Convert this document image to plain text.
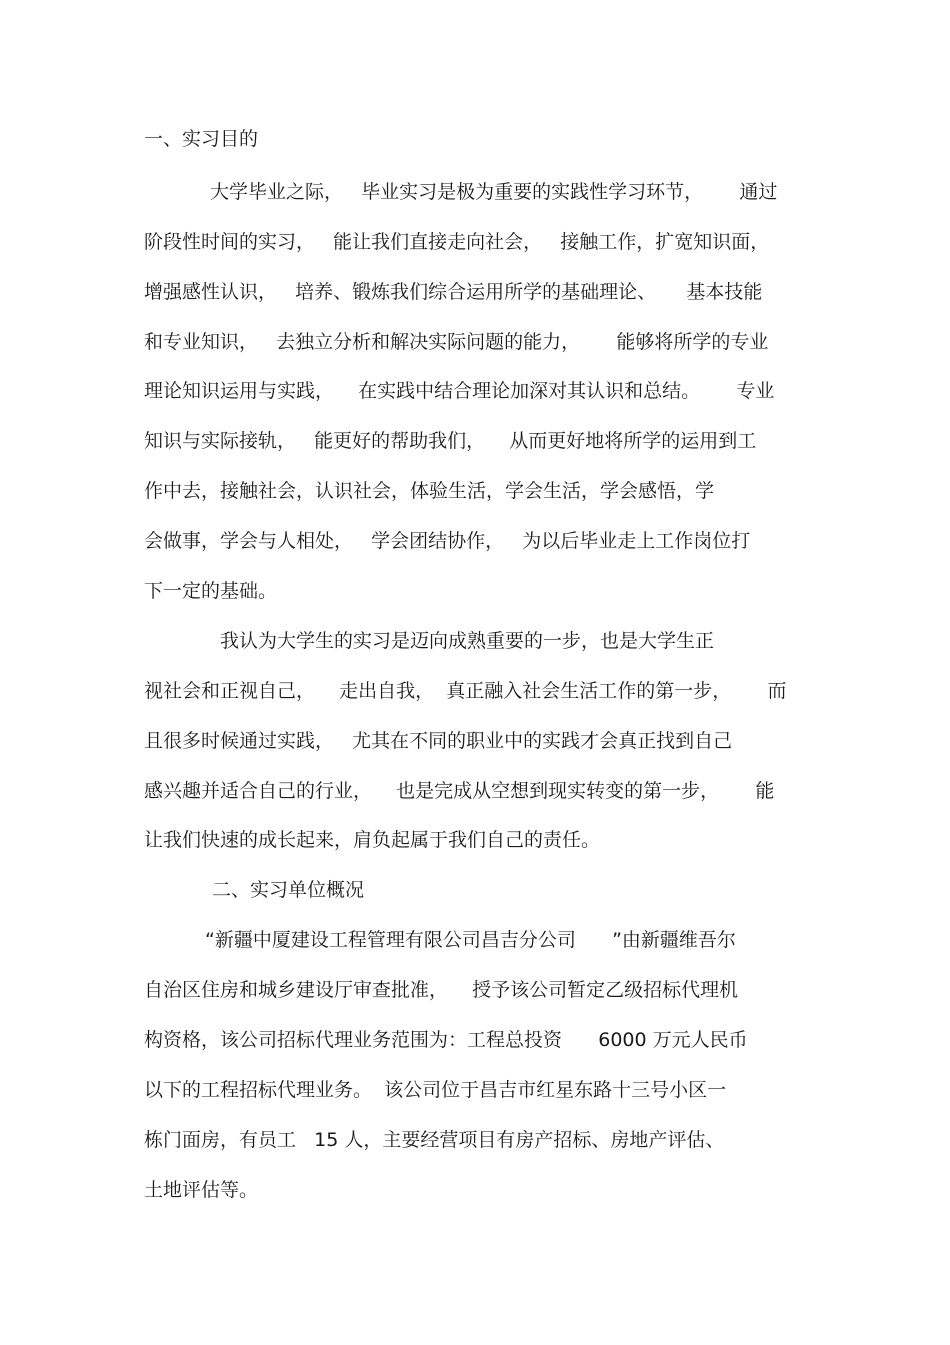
一、实习目的
大学毕业之际，   毕业实习是极为重要的实践性学习环节，      通过
阶段性时间的实习，   能让我们直接走向社会，   接触工作，扩宽知识面，
增强感性认识，   培养、锻炼我们综合运用所学的基础理论、     基本技能
和专业知识，   去独立分析和解决实际问题的能力，      能够将所学的专业
理论知识运用与实践，    在实践中结合理论加深对其认识和总结。      专业
知识与实际接轨，   能更好的帮助我们，    从而更好地将所学的运用到工
作中去，接触社会，认识社会，体验生活，学会生活，学会感悟，学
会做事，学会与人相处，   学会团结协作，   为以后毕业走上工作岗位打
下一定的基础。
我认为大学生的实习是迈向成熟重要的一步，也是大学生正
视社会和正视自己，    走出自我，  真正融入社会生活工作的第一步，      而
且很多时候通过实践，   尤其在不同的职业中的实践才会真正找到自己
感兴趣并适合自己的行业，    也是完成从空想到现实转变的第一步，      能
让我们快速的成长起来，肩负起属于我们自己的责任。
二、实习单位概况
“新疆中厦建设工程管理有限公司昌吉分公司      ”由新疆维吾尔
自治区住房和城乡建设厅审查批准，    授予该公司暂定乙级招标代理机
构资格，该公司招标代理业务范围为：工程总投资      6000 万元人民币
以下的工程招标代理业务。  该公司位于昌吉市红星东路十三号小区一
栋门面房，有员工   15 人，主要经营项目有房产招标、房地产评估、
土地评估等。
